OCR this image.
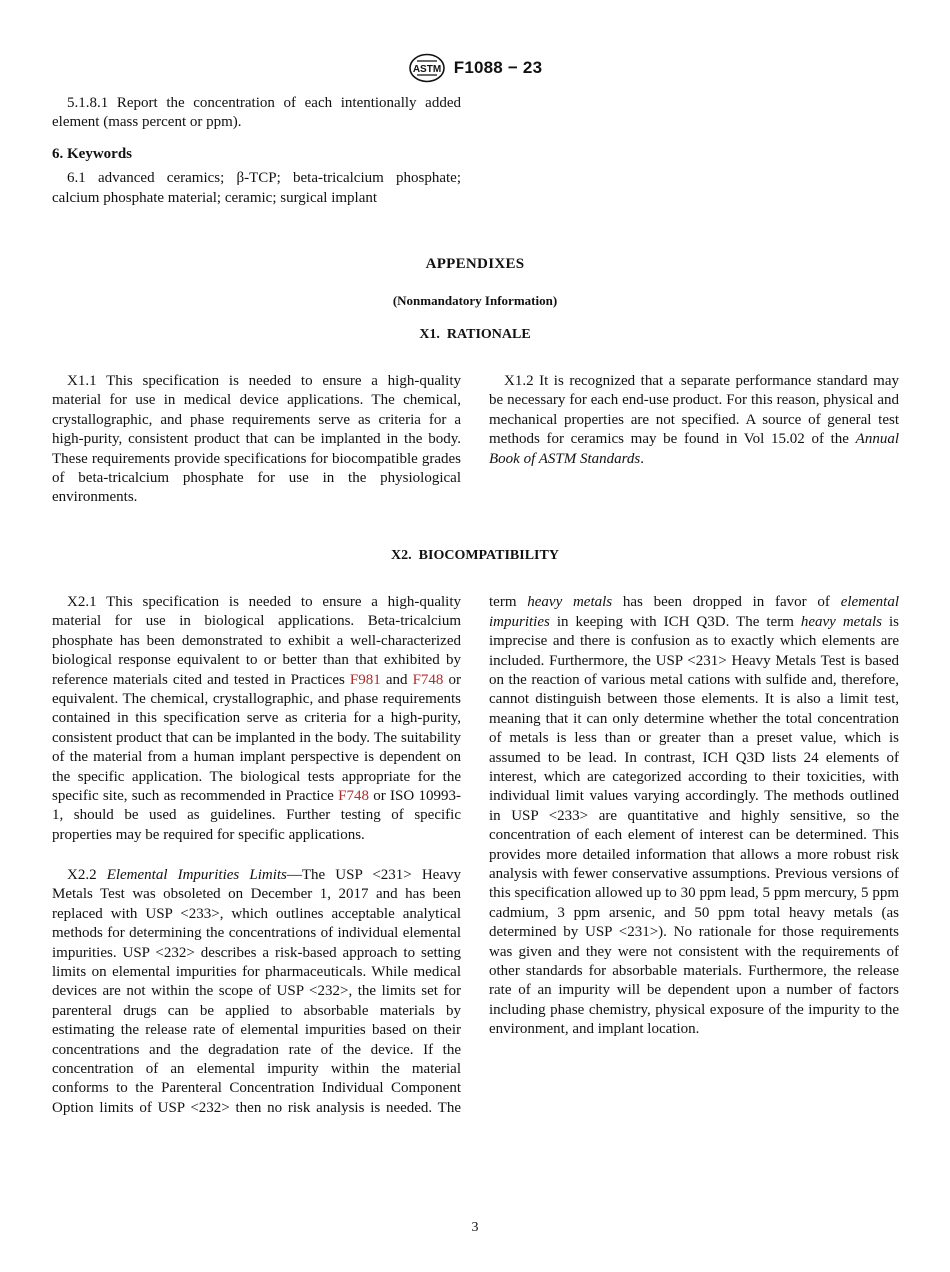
ASTM F1088 − 23

5.1.8.1 Report the concentration of each intentionally added element (mass percent or ppm).

6. Keywords

6.1 advanced ceramics; β-TCP; beta-tricalcium phosphate; calcium phosphate material; ceramic; surgical implant

APPENDIXES
(Nonmandatory Information)
X1. RATIONALE

X1.1 This specification is needed to ensure a high-quality material for use in medical device applications. The chemical, crystallographic, and phase requirements serve as criteria for a high-purity, consistent product that can be implanted in the body. These requirements provide specifications for biocompatible grades of beta-tricalcium phosphate for use in the physiological environments.

X1.2 It is recognized that a separate performance standard may be necessary for each end-use product. For this reason, physical and mechanical properties are not specified. A source of general test methods for ceramics may be found in Vol 15.02 of the Annual Book of ASTM Standards.

X2. BIOCOMPATIBILITY

X2.1 This specification is needed to ensure a high-quality material for use in biological applications. Beta-tricalcium phosphate has been demonstrated to exhibit a well-characterized biological response equivalent to or better than that exhibited by reference materials cited and tested in Practices F981 and F748 or equivalent. The chemical, crystallographic, and phase requirements contained in this specification serve as criteria for a high-purity, consistent product that can be implanted in the body. The suitability of the material from a human implant perspective is dependent on the specific application. The biological tests appropriate for the specific site, such as recommended in Practice F748 or ISO 10993-1, should be used as guidelines. Further testing of specific properties may be required for specific applications.

X2.2 Elemental Impurities Limits—The USP <231> Heavy Metals Test was obsoleted on December 1, 2017 and has been replaced with USP <233>, which outlines acceptable analytical methods for determining the concentrations of individual elemental impurities. USP <232> describes a risk-based approach to setting limits on elemental impurities for pharmaceuticals. While medical devices are not within the scope of USP <232>, the limits set for parenteral drugs can be applied to absorbable materials by estimating the release rate of elemental impurities based on their concentrations and the degradation rate of the device. If the concentration of an elemental impurity within the material conforms to the Parenteral Concentration Individual Component Option limits of USP <232> then no risk analysis is needed. The

3

term heavy metals has been dropped in favor of elemental impurities in keeping with ICH Q3D. The term heavy metals is imprecise and there is confusion as to exactly which elements are included. Furthermore, the USP <231> Heavy Metals Test is based on the reaction of various metal cations with sulfide and, therefore, cannot distinguish between those elements. It is also a limit test, meaning that it can only determine whether the total concentration of metals is less than or greater than a preset value, which is assumed to be lead. In contrast, ICH Q3D lists 24 elements of interest, which are categorized according to their toxicities, with individual limit values varying accordingly. The methods outlined in USP <233> are quantitative and highly sensitive, so the concentration of each element of interest can be determined. This provides more detailed information that allows a more robust risk analysis with fewer conservative assumptions. Previous versions of this specification allowed up to 30 ppm lead, 5 ppm mercury, 5 ppm cadmium, 3 ppm arsenic, and 50 ppm total heavy metals (as determined by USP <231>). No rationale for those requirements was given and they were not consistent with the requirements of other standards for absorbable materials. Furthermore, the release rate of an impurity will be dependent upon a number of factors including phase chemistry, physical exposure of the impurity to the environment, and implant location.
